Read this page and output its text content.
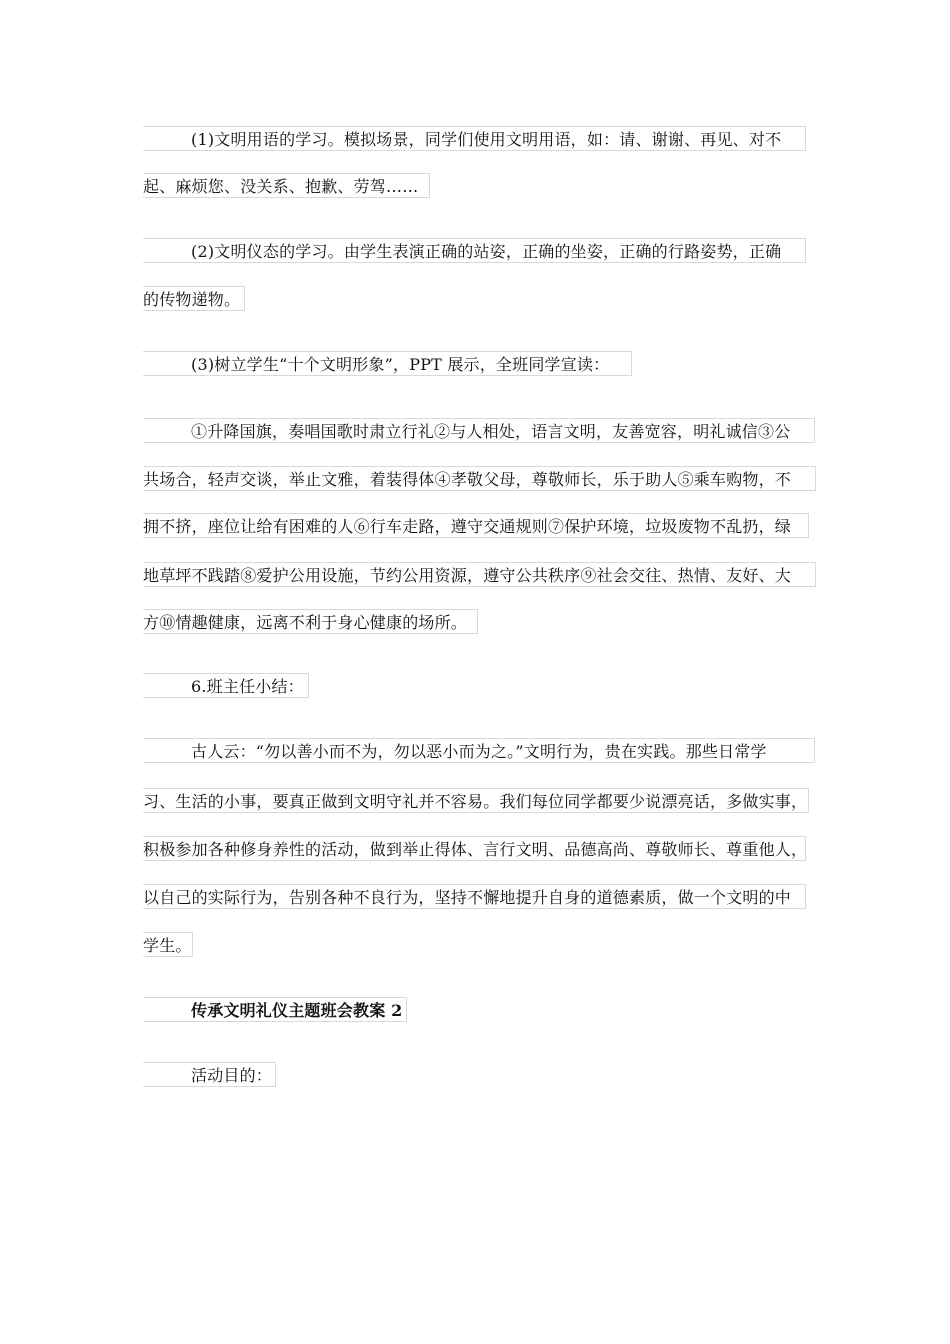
(1)文明用语的学习。模拟场景，同学们使用文明用语，如：请、谢谢、再见、对不
起、麻烦您、没关系、抱歉、劳驾……
(2)文明仪态的学习。由学生表演正确的站姿，正确的坐姿，正确的行路姿势，正确
的传物递物。
(3)树立学生“十个文明形象”，PPT 展示，全班同学宣读：
①升降国旗，奏唱国歌时肃立行礼②与人相处，语言文明，友善宽容，明礼诚信③公
共场合，轻声交谈，举止文雅，着装得体④孝敬父母，尊敬师长，乐于助人⑤乘车购物，不
拥不挤，座位让给有困难的人⑥行车走路，遵守交通规则⑦保护环境，垃圾废物不乱扔，绿
地草坪不践踏⑧爱护公用设施，节约公用资源，遵守公共秩序⑨社会交往、热情、友好、大
方⑩情趣健康，远离不利于身心健康的场所。
6.班主任小结：
古人云：“勿以善小而不为，勿以恶小而为之。”文明行为，贵在实践。那些日常学
习、生活的小事，要真正做到文明守礼并不容易。我们每位同学都要少说漂亮话，多做实事，
积极参加各种修身养性的活动，做到举止得体、言行文明、品德高尚、尊敬师长、尊重他人，
以自己的实际行为，告别各种不良行为，坚持不懈地提升自身的道德素质，做一个文明的中
学生。
传承文明礼仪主题班会教案 2
活动目的：
